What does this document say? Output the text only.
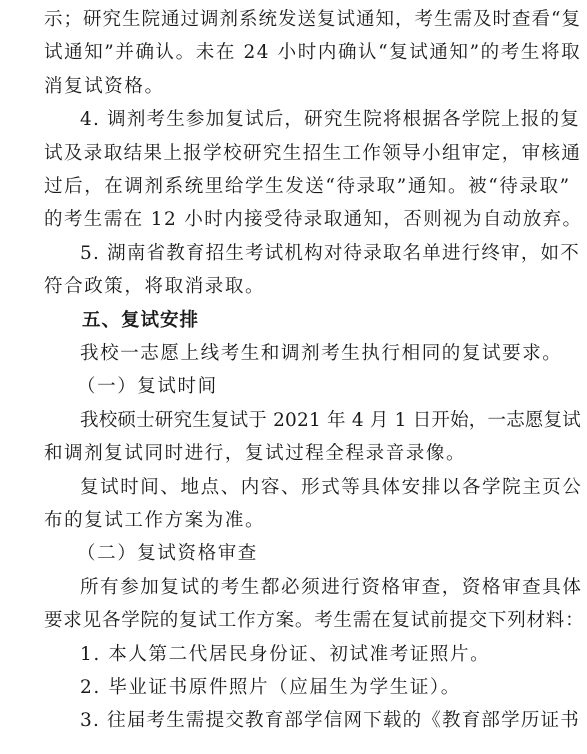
示；研究生院通过调剂系统发送复试通知，考生需及时查看“复

试通知”并确认。未在 24 小时内确认“复试通知”的考生将取

消复试资格。

4. 调剂考生参加复试后，研究生院将根据各学院上报的复

试及录取结果上报学校研究生招生工作领导小组审定，审核通

过后，在调剂系统里给学生发送“待录取”通知。被“待录取”

的考生需在 12 小时内接受待录取通知，否则视为自动放弃。

5. 湖南省教育招生考试机构对待录取名单进行终审，如不

符合政策，将取消录取。

五、复试安排

我校一志愿上线考生和调剂考生执行相同的复试要求。

（一）复试时间

我校硕士研究生复试于 2021 年 4 月 1 日开始，一志愿复试

和调剂复试同时进行，复试过程全程录音录像。

复试时间、地点、内容、形式等具体安排以各学院主页公

布的复试工作方案为准。

（二）复试资格审查

所有参加复试的考生都必须进行资格审查，资格审查具体

要求见各学院的复试工作方案。考生需在复试前提交下列材料：

1. 本人第二代居民身份证、初试准考证照片。

2. 毕业证书原件照片（应届生为学生证）。

3. 往届考生需提交教育部学信网下载的《教育部学历证书
